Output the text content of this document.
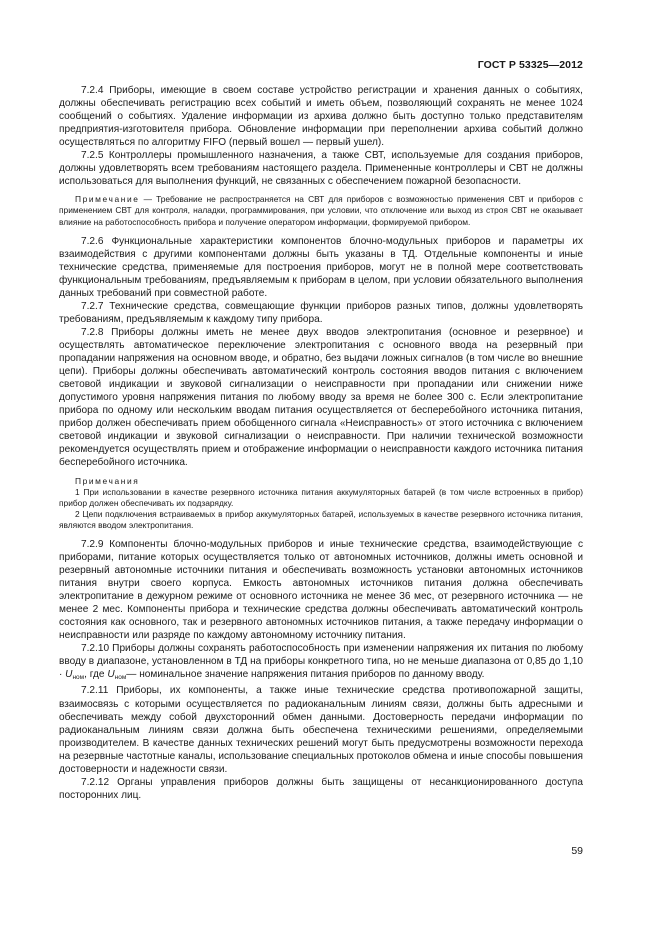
ГОСТ Р 53325—2012

7.2.4 Приборы, имеющие в своем составе устройство регистрации и хранения данных о событиях, должны обеспечивать регистрацию всех событий и иметь объем, позволяющий сохранять не менее 1024 сообщений о событиях. Удаление информации из архива должно быть доступно только представителям предприятия-изготовителя прибора. Обновление информации при переполнении архива событий должно осуществляться по алгоритму FIFO (первый вошел — первый ушел).

7.2.5 Контроллеры промышленного назначения, а также СВТ, используемые для создания приборов, должны удовлетворять всем требованиям настоящего раздела. Примененные контроллеры и СВТ не должны использоваться для выполнения функций, не связанных с обеспечением пожарной безопасности.

Примечание — Требование не распространяется на СВТ для приборов с возможностью применения СВТ и приборов с применением СВТ для контроля, наладки, программирования, при условии, что отключение или выход из строя СВТ не оказывает влияние на работоспособность прибора и получение оператором информации, формируемой прибором.

7.2.6 Функциональные характеристики компонентов блочно-модульных приборов и параметры их взаимодействия с другими компонентами должны быть указаны в ТД. Отдельные компоненты и иные технические средства, применяемые для построения приборов, могут не в полной мере соответствовать функциональным требованиям, предъявляемым к приборам в целом, при условии обязательного выполнения данных требований при совместной работе.

7.2.7 Технические средства, совмещающие функции приборов разных типов, должны удовлетворять требованиям, предъявляемым к каждому типу прибора.

7.2.8 Приборы должны иметь не менее двух вводов электропитания (основное и резервное) и осуществлять автоматическое переключение электропитания с основного ввода на резервный при пропадании напряжения на основном вводе, и обратно, без выдачи ложных сигналов (в том числе во внешние цепи). Приборы должны обеспечивать автоматический контроль состояния вводов питания с включением световой индикации и звуковой сигнализации о неисправности при пропадании или снижении ниже допустимого уровня напряжения питания по любому вводу за время не более 300 с. Если электропитание прибора по одному или нескольким вводам питания осуществляется от бесперебойного источника питания, прибор должен обеспечивать прием обобщенного сигнала «Неисправность» от этого источника с включением световой индикации и звуковой сигнализации о неисправности. При наличии технической возможности рекомендуется осуществлять прием и отображение информации о неисправности каждого источника питания бесперебойного источника.

Примечания

1 При использовании в качестве резервного источника питания аккумуляторных батарей (в том числе встроенных в прибор) прибор должен обеспечивать их подзарядку.

2 Цепи подключения встраиваемых в прибор аккумуляторных батарей, используемых в качестве резервного источника питания, являются вводом электропитания.

7.2.9 Компоненты блочно-модульных приборов и иные технические средства, взаимодействующие с приборами, питание которых осуществляется только от автономных источников, должны иметь основной и резервный автономные источники питания и обеспечивать возможность установки автономных источников питания внутри своего корпуса. Емкость автономных источников питания должна обеспечивать электропитание в дежурном режиме от основного источника не менее 36 мес, от резервного источника — не менее 2 мес. Компоненты прибора и технические средства должны обеспечивать автоматический контроль состояния как основного, так и резервного автономных источников питания, а также передачу информации о неисправности или разряде по каждому автономному источнику питания.

7.2.10 Приборы должны сохранять работоспособность при изменении напряжения их питания по любому вводу в диапазоне, установленном в ТД на приборы конкретного типа, но не меньше диапазона от 0,85 до $1,10 \cdot U_{ном}$, где $U_{ном}—$ номинальное значение напряжения питания приборов по данному вводу.

7.2.11 Приборы, их компоненты, а также иные технические средства противопожарной защиты, взаимосвязь с которыми осуществляется по радиоканальным линиям связи, должны быть адресными и обеспечивать между собой двухсторонний обмен данными. Достоверность передачи информации по радиоканальным линиям связи должна быть обеспечена техническими решениями, определяемыми производителем. В качестве данных технических решений могут быть предусмотрены возможности перехода на резервные частотные каналы, использование специальных протоколов обмена и иные способы повышения достоверности и надежности связи.

7.2.12 Органы управления приборов должны быть защищены от несанкционированного доступа посторонних лиц.

59
